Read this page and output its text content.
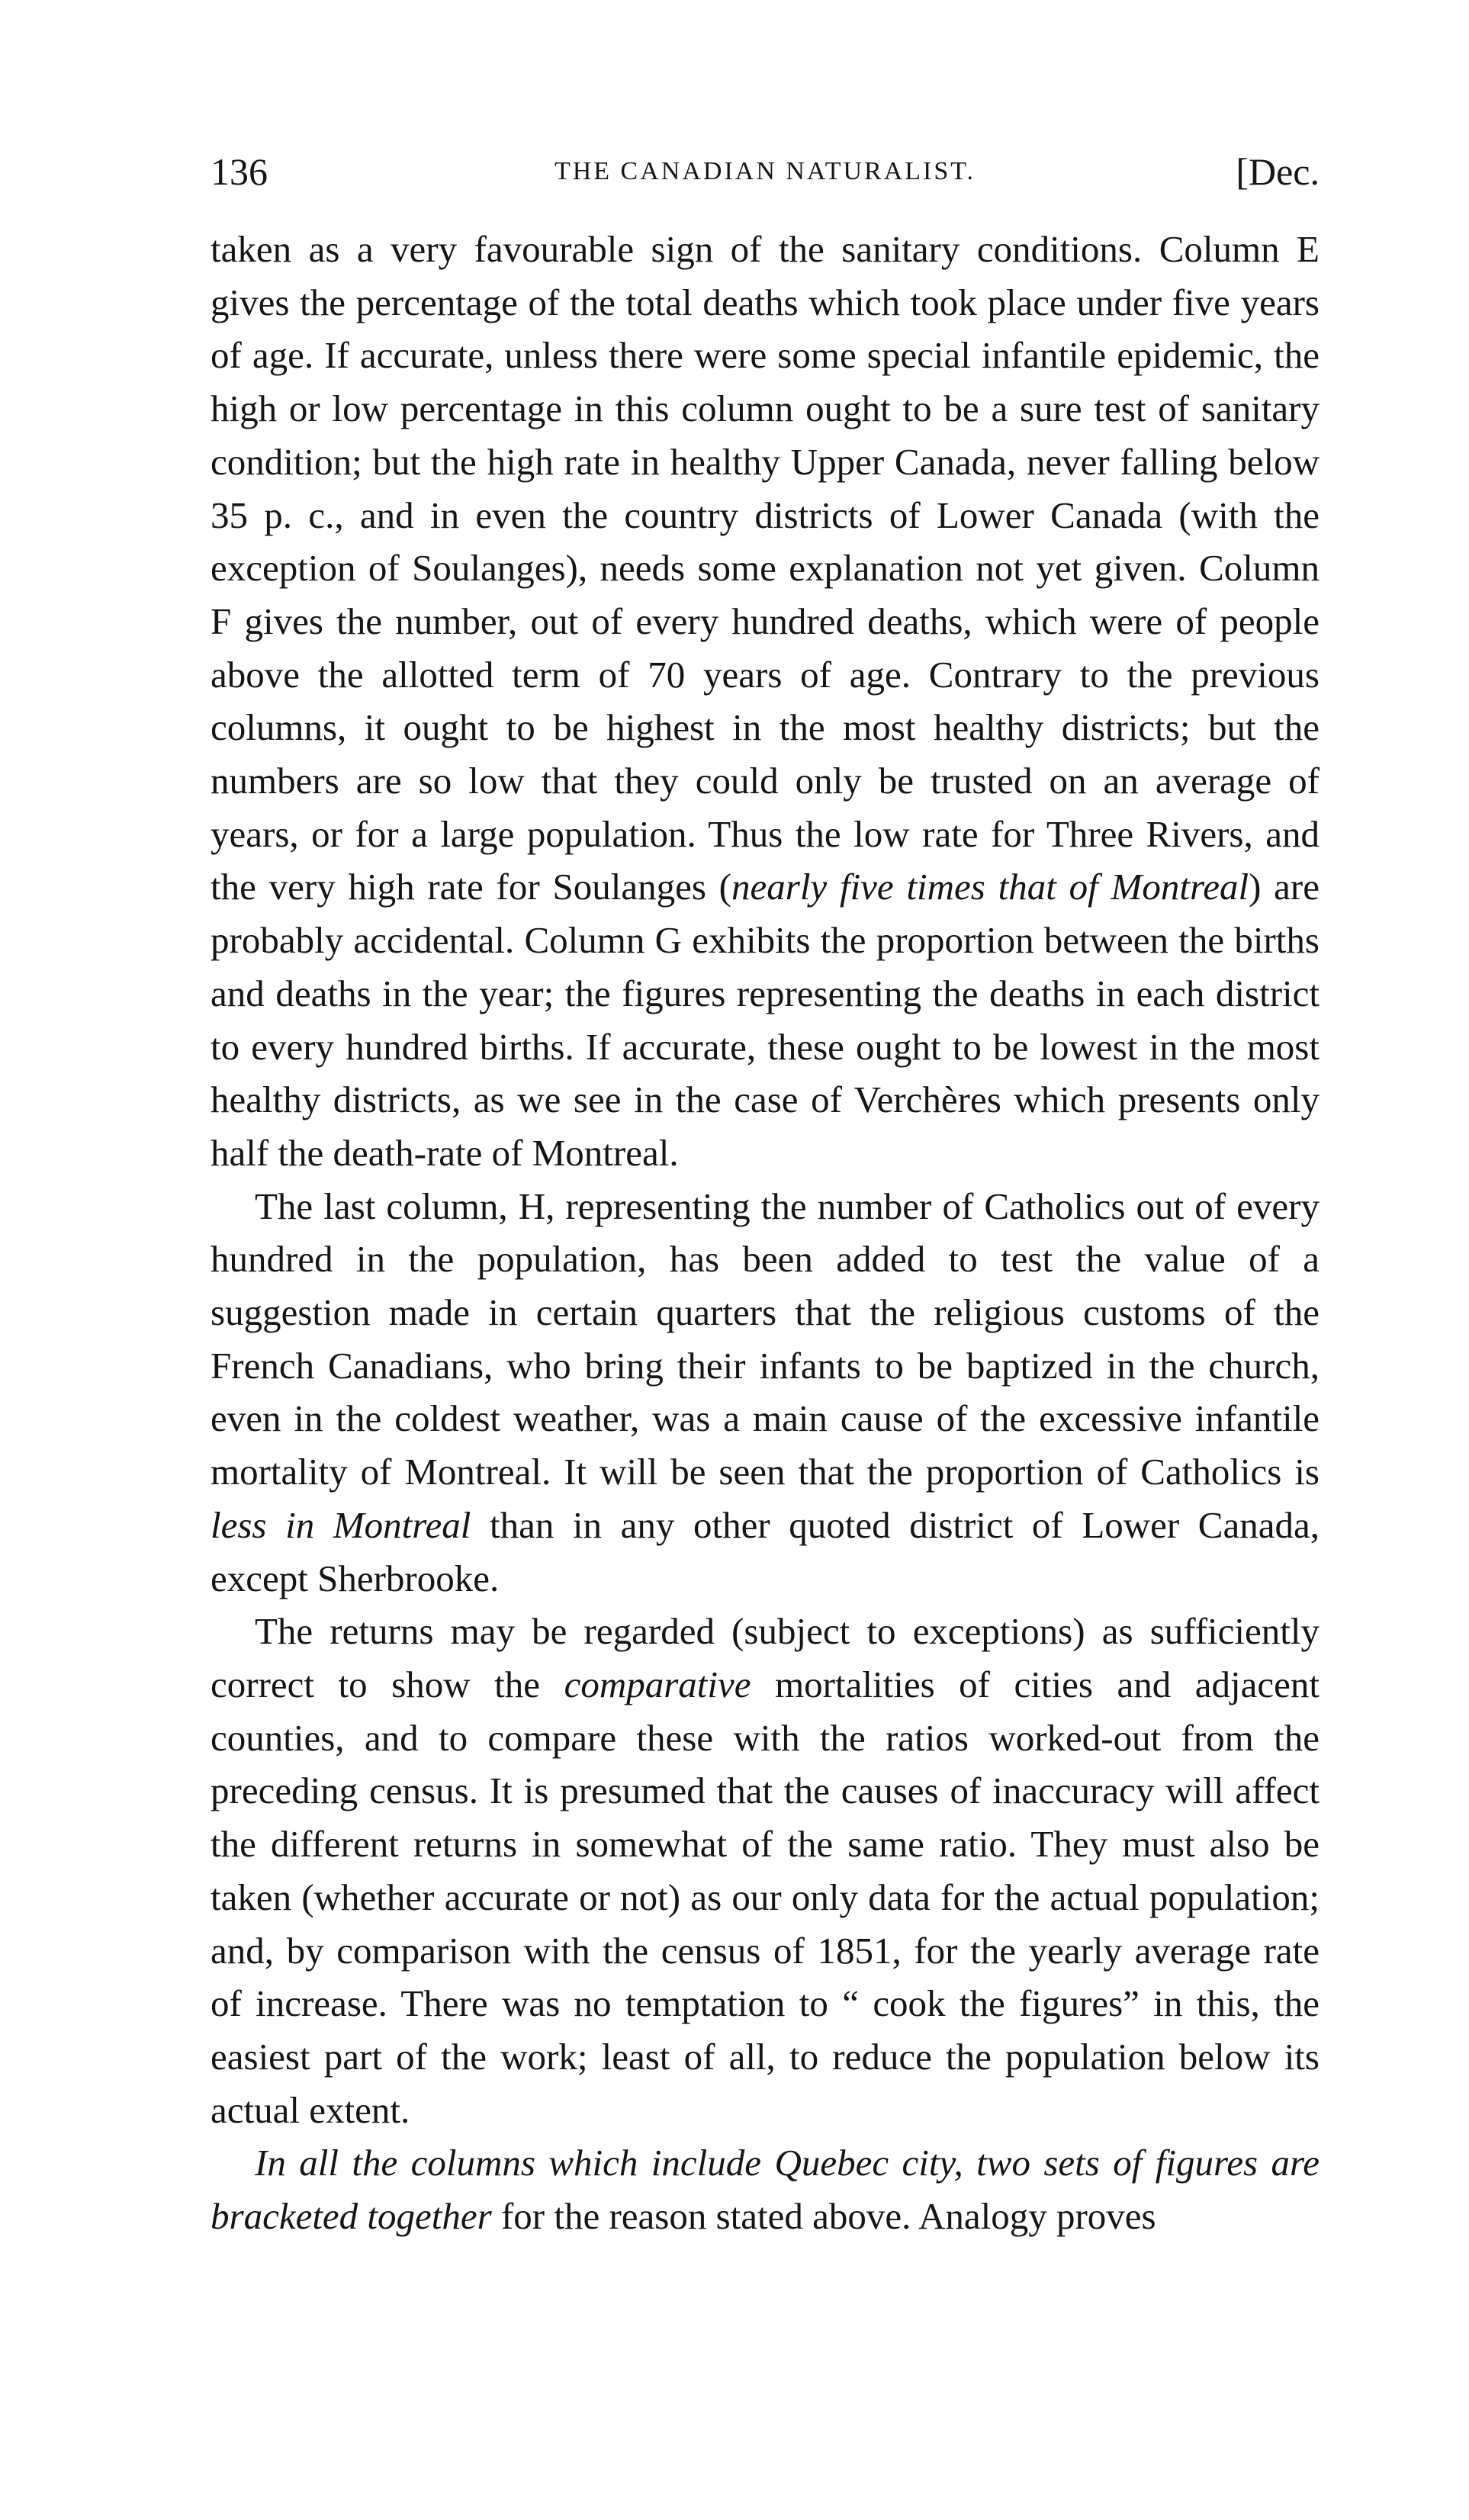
136	THE CANADIAN NATURALIST.	[Dec.

taken as a very favourable sign of the sanitary conditions. Column E gives the percentage of the total deaths which took place under five years of age. If accurate, unless there were some special infantile epidemic, the high or low percentage in this column ought to be a sure test of sanitary condition; but the high rate in healthy Upper Canada, never falling below 35 p. c., and in even the country districts of Lower Canada (with the exception of Soulanges), needs some explanation not yet given. Column F gives the number, out of every hundred deaths, which were of people above the allotted term of 70 years of age. Contrary to the previous columns, it ought to be highest in the most healthy districts; but the numbers are so low that they could only be trusted on an average of years, or for a large population. Thus the low rate for Three Rivers, and the very high rate for Soulanges (nearly five times that of Montreal) are probably accidental. Column G exhibits the proportion between the births and deaths in the year; the figures representing the deaths in each district to every hundred births. If accurate, these ought to be lowest in the most healthy districts, as we see in the case of Verchères which presents only half the death-rate of Montreal.

The last column, H, representing the number of Catholics out of every hundred in the population, has been added to test the value of a suggestion made in certain quarters that the religious customs of the French Canadians, who bring their infants to be baptized in the church, even in the coldest weather, was a main cause of the excessive infantile mortality of Montreal. It will be seen that the proportion of Catholics is less in Montreal than in any other quoted district of Lower Canada, except Sherbrooke.

The returns may be regarded (subject to exceptions) as sufficiently correct to show the comparative mortalities of cities and adjacent counties, and to compare these with the ratios worked-out from the preceding census. It is presumed that the causes of inaccuracy will affect the different returns in somewhat of the same ratio. They must also be taken (whether accurate or not) as our only data for the actual population; and, by comparison with the census of 1851, for the yearly average rate of increase. There was no temptation to “ cook the figures” in this, the easiest part of the work; least of all, to reduce the population below its actual extent.

In all the columns which include Quebec city, two sets of figures are bracketed together for the reason stated above. Analogy proves
